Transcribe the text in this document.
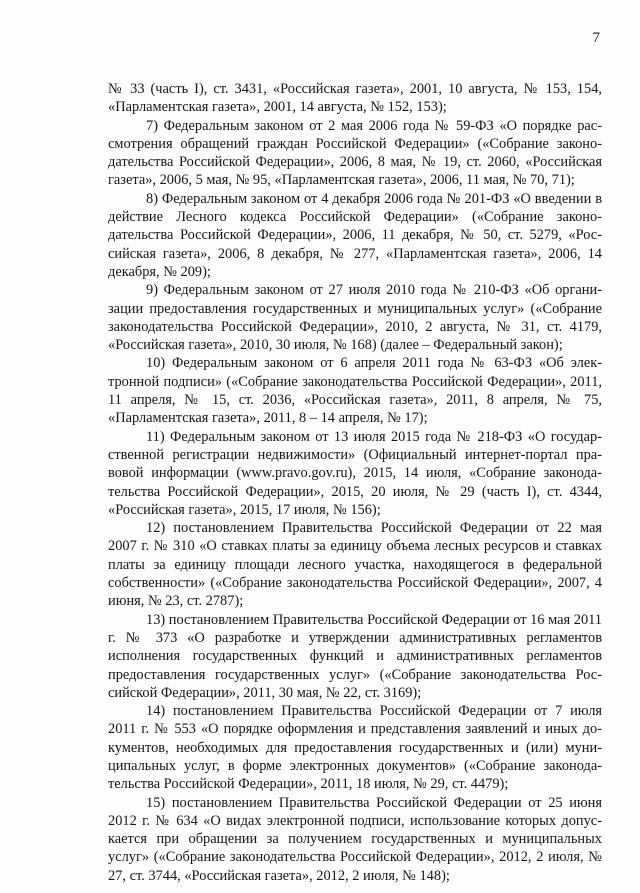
7

№ 33 (часть I), ст. 3431, «Российская газета», 2001, 10 августа, № 153, 154, «Парламентская газета», 2001, 14 августа, № 152, 153);

7) Федеральным законом от 2 мая 2006 года № 59-ФЗ «О порядке рассмотрения обращений граждан Российской Федерации» («Собрание законодательства Российской Федерации», 2006, 8 мая, № 19, ст. 2060, «Российская газета», 2006, 5 мая, № 95, «Парламентская газета», 2006, 11 мая, № 70, 71);

8) Федеральным законом от 4 декабря 2006 года № 201-ФЗ «О введении в действие Лесного кодекса Российской Федерации» («Собрание законодательства Российской Федерации», 2006, 11 декабря, № 50, ст. 5279, «Российская газета», 2006, 8 декабря, № 277, «Парламентская газета», 2006, 14 декабря, № 209);

9) Федеральным законом от 27 июля 2010 года № 210-ФЗ «Об организации предоставления государственных и муниципальных услуг» («Собрание законодательства Российской Федерации», 2010, 2 августа, № 31, ст. 4179, «Российская газета», 2010, 30 июля, № 168) (далее – Федеральный закон);

10) Федеральным законом от 6 апреля 2011 года № 63-ФЗ «Об электронной подписи» («Собрание законодательства Российской Федерации», 2011, 11 апреля, № 15, ст. 2036, «Российская газета», 2011, 8 апреля, № 75, «Парламентская газета», 2011, 8 – 14 апреля, № 17);

11) Федеральным законом от 13 июля 2015 года № 218-ФЗ «О государственной регистрации недвижимости» (Официальный интернет-портал правовой информации (www.pravo.gov.ru), 2015, 14 июля, «Собрание законодательства Российской Федерации», 2015, 20 июля, № 29 (часть I), ст. 4344, «Российская газета», 2015, 17 июля, № 156);

12) постановлением Правительства Российской Федерации от 22 мая 2007 г. № 310 «О ставках платы за единицу объема лесных ресурсов и ставках платы за единицу площади лесного участка, находящегося в федеральной собственности» («Собрание законодательства Российской Федерации», 2007, 4 июня, № 23, ст. 2787);

13) постановлением Правительства Российской Федерации от 16 мая 2011 г. № 373 «О разработке и утверждении административных регламентов исполнения государственных функций и административных регламентов предоставления государственных услуг» («Собрание законодательства Российской Федерации», 2011, 30 мая, № 22, ст. 3169);

14) постановлением Правительства Российской Федерации от 7 июля 2011 г. № 553 «О порядке оформления и представления заявлений и иных документов, необходимых для предоставления государственных и (или) муниципальных услуг, в форме электронных документов» («Собрание законодательства Российской Федерации», 2011, 18 июля, № 29, ст. 4479);

15) постановлением Правительства Российской Федерации от 25 июня 2012 г. № 634 «О видах электронной подписи, использование которых допускается при обращении за получением государственных и муниципальных услуг» («Собрание законодательства Российской Федерации», 2012, 2 июля, № 27, ст. 3744, «Российская газета», 2012, 2 июля, № 148);
